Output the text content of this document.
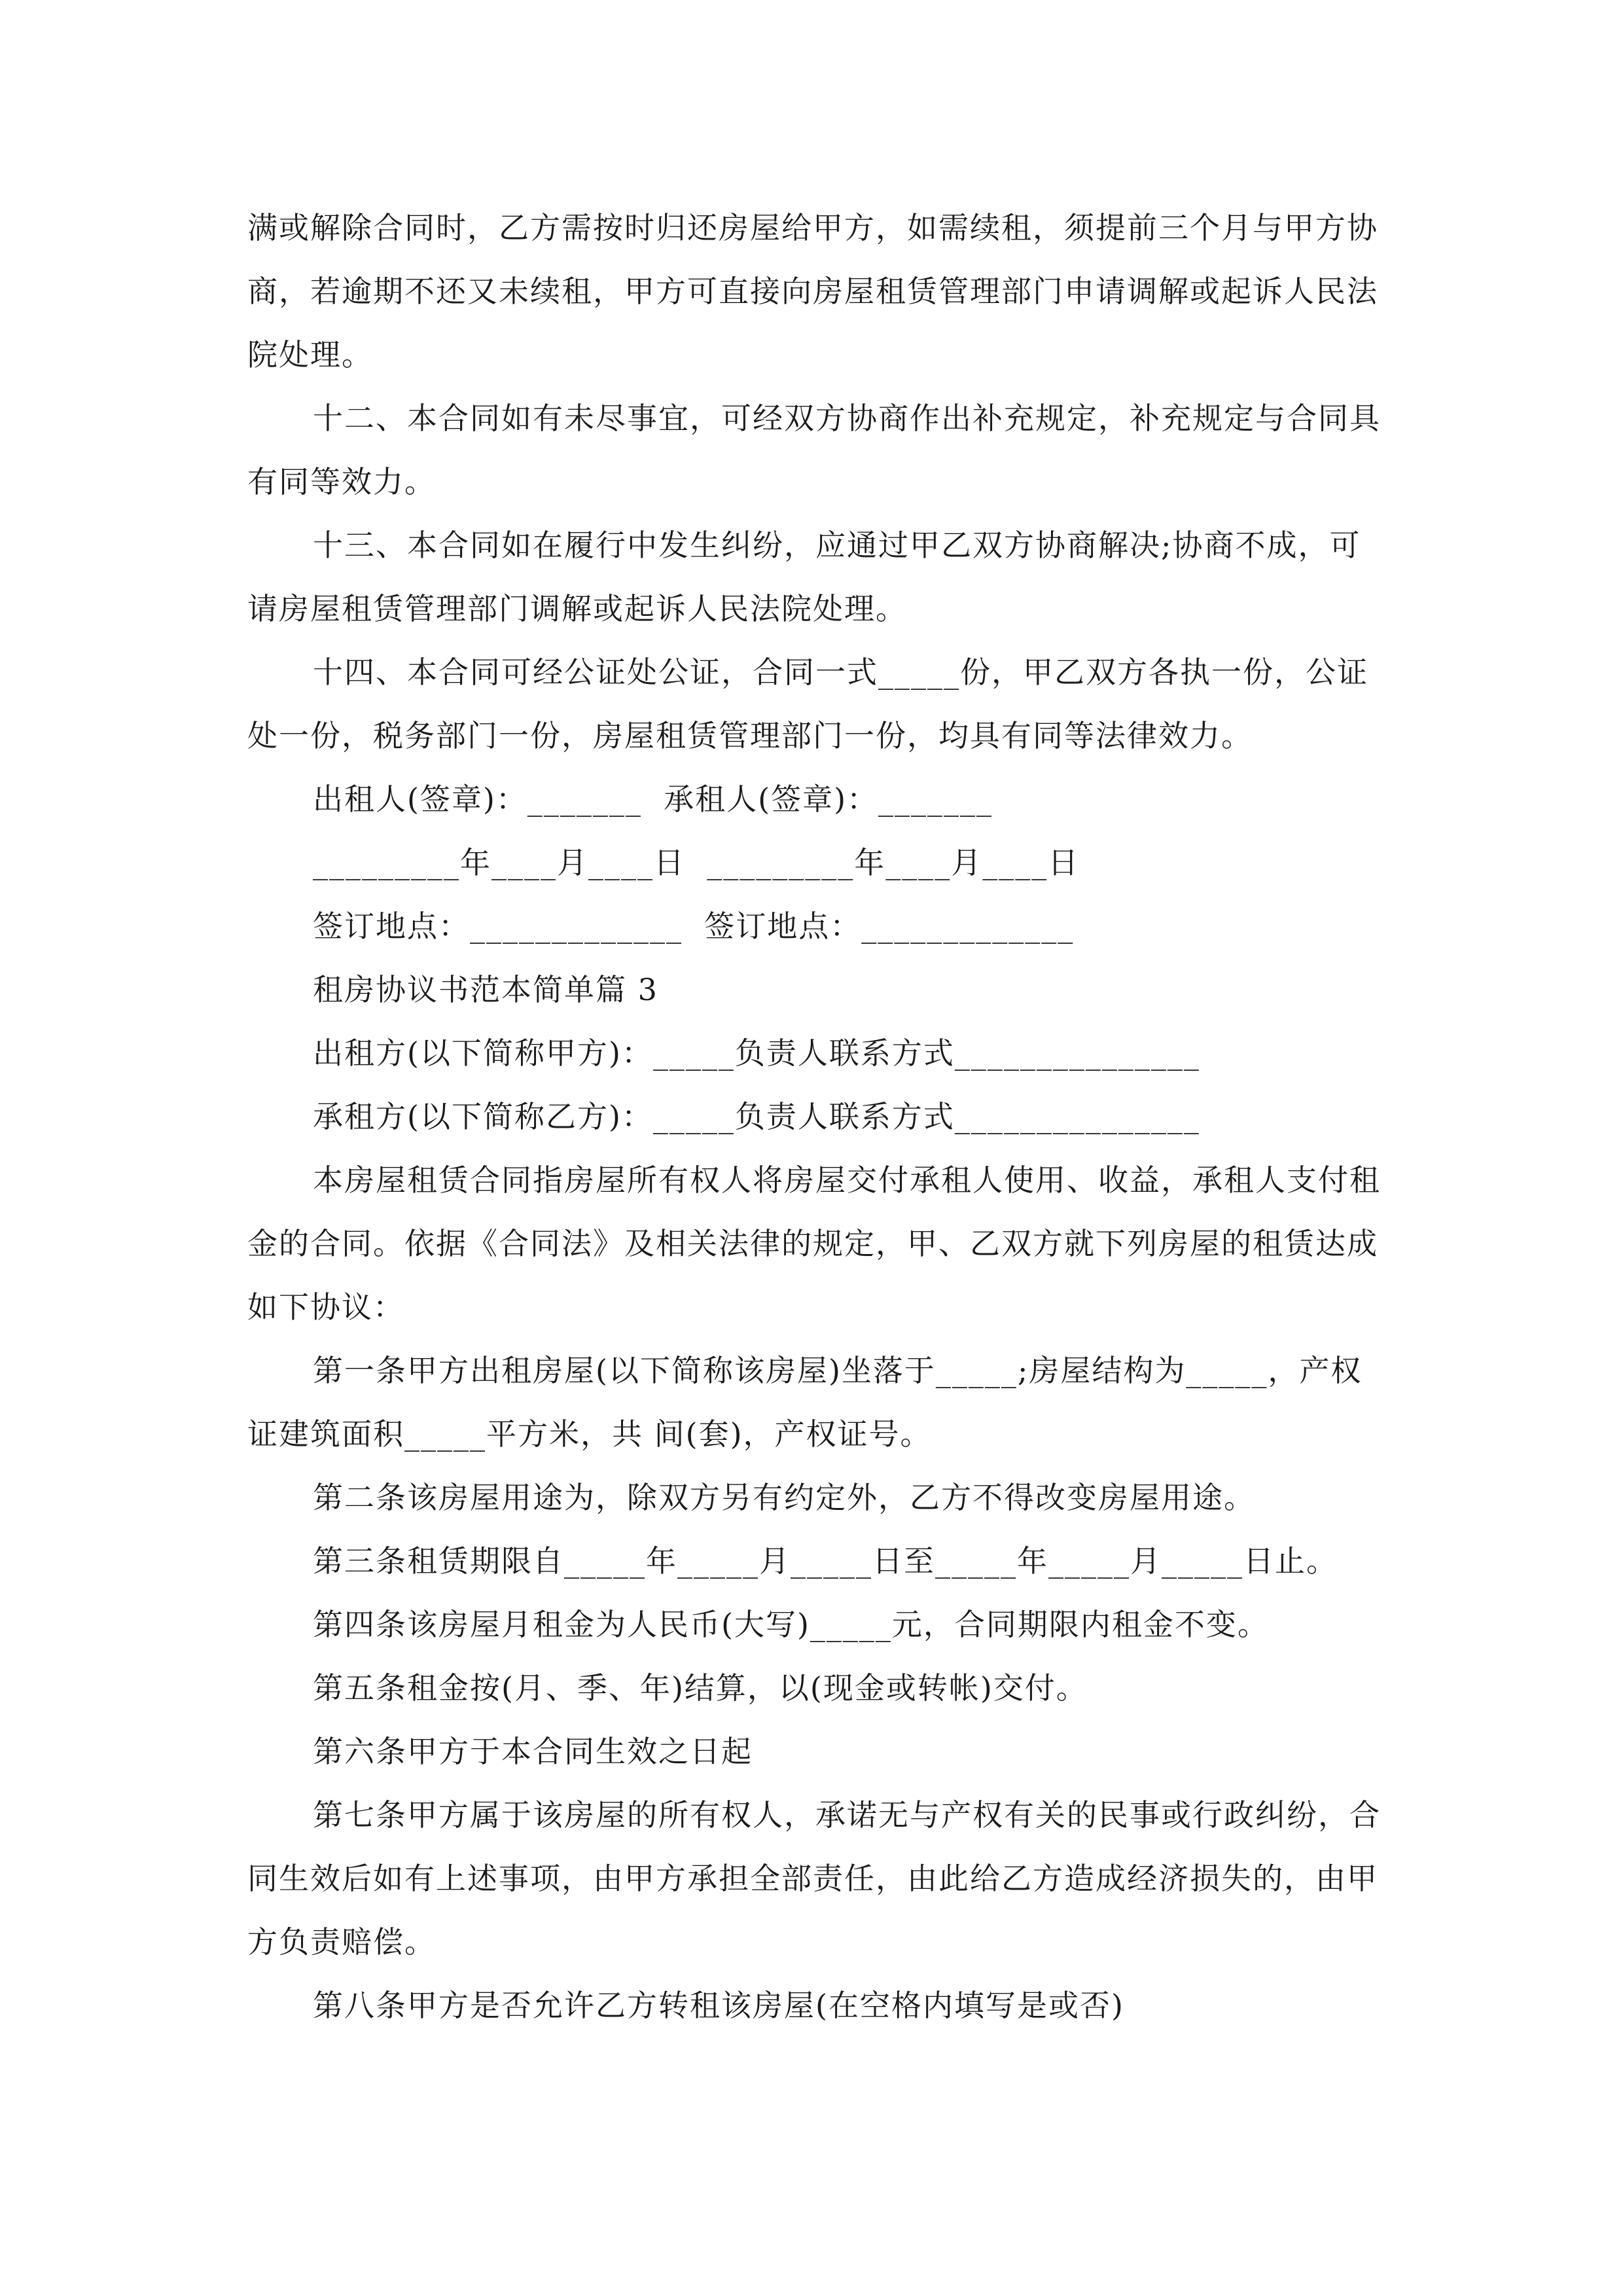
满或解除合同时，乙方需按时归还房屋给甲方，如需续租，须提前三个月与甲方协商，若逾期不还又未续租，甲方可直接向房屋租赁管理部门申请调解或起诉人民法院处理。

十二、本合同如有未尽事宜，可经双方协商作出补充规定，补充规定与合同具有同等效力。

十三、本合同如在履行中发生纠纷，应通过甲乙双方协商解决;协商不成，可请房屋租赁管理部门调解或起诉人民法院处理。

十四、本合同可经公证处公证，合同一式_____份，甲乙双方各执一份，公证处一份，税务部门一份，房屋租赁管理部门一份，均具有同等法律效力。

出租人(签章)：_______  承租人(签章)：_______

_________年____月____日  _________年____月____日

签订地点：_____________  签订地点：_____________

租房协议书范本简单篇 3

出租方(以下简称甲方)：_____负责人联系方式_______________

承租方(以下简称乙方)：_____负责人联系方式_______________

本房屋租赁合同指房屋所有权人将房屋交付承租人使用、收益，承租人支付租金的合同。依据《合同法》及相关法律的规定，甲、乙双方就下列房屋的租赁达成如下协议：

第一条甲方出租房屋(以下简称该房屋)坐落于_____;房屋结构为_____，产权证建筑面积_____平方米，共 间(套)，产权证号。

第二条该房屋用途为，除双方另有约定外，乙方不得改变房屋用途。

第三条租赁期限自_____年_____月_____日至_____年_____月_____日止。

第四条该房屋月租金为人民币(大写)_____元，合同期限内租金不变。

第五条租金按(月、季、年)结算，以(现金或转帐)交付。

第六条甲方于本合同生效之日起

第七条甲方属于该房屋的所有权人，承诺无与产权有关的民事或行政纠纷，合同生效后如有上述事项，由甲方承担全部责任，由此给乙方造成经济损失的，由甲方负责赔偿。

第八条甲方是否允许乙方转租该房屋(在空格内填写是或否)
